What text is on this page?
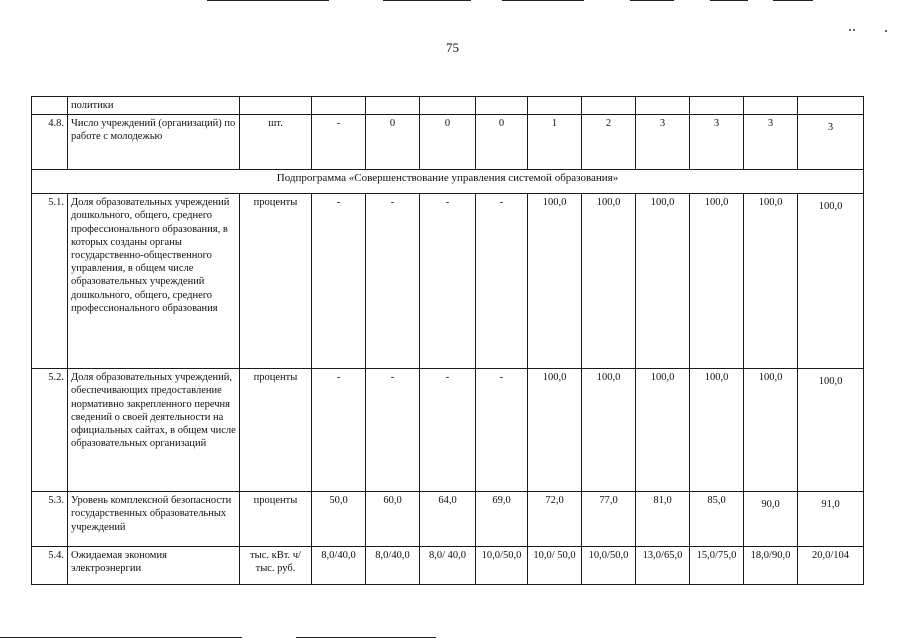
75
	политики											
4.8.	Число учреждений (организаций) по работе с молодежью	шт.	-	0	0	0	1	2	3	3	3	3
Подпрограмма «Совершенствование управления системой образования»												
5.1.	Доля образовательных учреждений дошкольного, общего, среднего профессионального образования, в которых созданы органы государственно-общественного управления, в общем числе образовательных учреждений дошкольного, общего, среднего профессионального образования	проценты	-	-	-	-	100,0	100,0	100,0	100,0	100,0	100,0
5.2.	Доля образовательных учреждений, обеспечивающих предоставление нормативно закрепленного перечня сведений о своей деятельности на официальных сайтах, в общем числе образовательных организаций	проценты	-	-	-	-	100,0	100,0	100,0	100,0	100,0	100,0
5.3.	Уровень комплексной безопасности государственных образовательных учреждений	проценты	50,0	60,0	64,0	69,0	72,0	77,0	81,0	85,0	90,0	91,0
5.4.	Ожидаемая экономия электроэнергии	тыс. кВт. ч/тыс. руб.	8,0/40,0	8,0/40,0	8,0/ 40,0	10,0/50,0	10,0/ 50,0	10,0/50,0	13,0/65,0	15,0/75,0	18,0/90,0	20,0/104
